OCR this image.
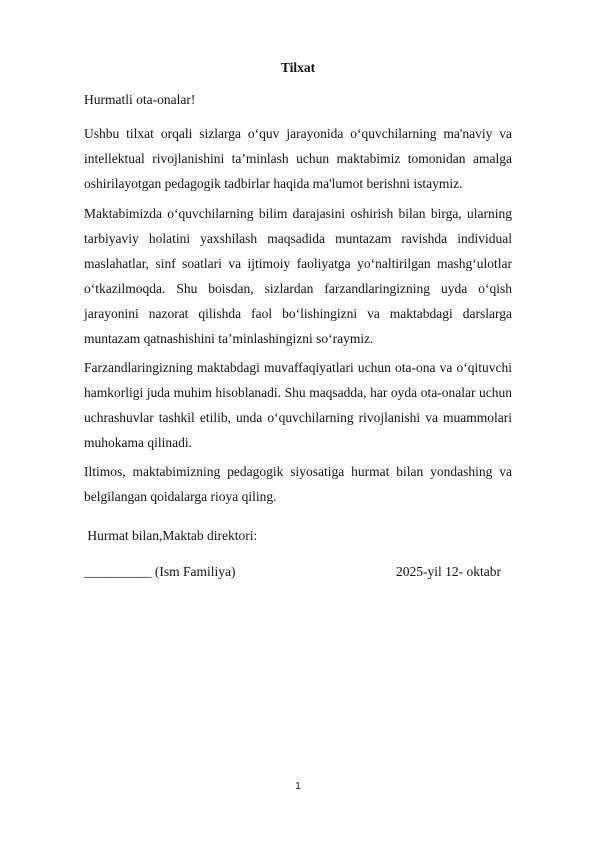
Tilxat
Hurmatli ota-onalar!
Ushbu tilxat orqali sizlarga o‘quv jarayonida o‘quvchilarning ma'naviy va intellektual rivojlanishini ta’minlash uchun maktabimiz tomonidan amalga oshirilayotgan pedagogik tadbirlar haqida ma'lumot berishni istaymiz.
Maktabimizda o‘quvchilarning bilim darajasini oshirish bilan birga, ularning tarbiyaviy holatini yaxshilash maqsadida muntazam ravishda individual maslahatlar, sinf soatlari va ijtimoiy faoliyatga yo‘naltirilgan mashg‘ulotlar o‘tkazilmoqda. Shu boisdan, sizlardan farzandlaringizning uyda o‘qish jarayonini nazorat qilishda faol bo‘lishingizni va maktabdagi darslarga muntazam qatnashishini ta’minlashingizni so‘raymiz.
Farzandlaringizning maktabdagi muvaffaqiyatlari uchun ota-ona va o‘qituvchi hamkorligi juda muhim hisoblanadi. Shu maqsadda, har oyda ota-onalar uchun uchrashuvlar tashkil etilib, unda o‘quvchilarning rivojlanishi va muammolari muhokama qilinadi.
Iltimos, maktabimizning pedagogik siyosatiga hurmat bilan yondashing va belgilangan qoidalarga rioya qiling.
Hurmat bilan,Maktab direktori:
__________ (Ism Familiya)	2025-yil 12- oktabr
1
